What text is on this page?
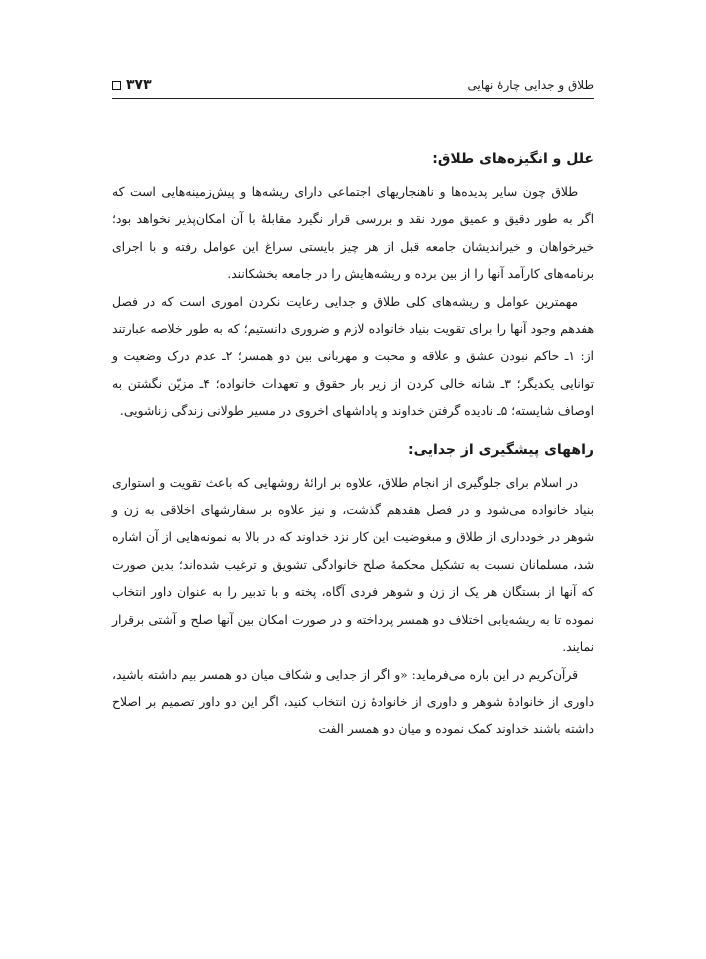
طلاق و جدایی چارهٔ نهایی
۳۷۳
علل و انگیزه‌های طلاق:

طلاق چون سایر پدیده‌ها و ناهنجاریهای اجتماعی دارای ریشه‌ها و پیش‌زمینه‌هایی است که اگر به طور دقیق و عمیق مورد نقد و بررسی قرار نگیرد مقابلهٔ با آن امکان‌پذیر نخواهد بود؛ خیرخواهان و خیراندیشان جامعه قبل از هر چیز بایستی سراغ این عوامل رفته و با اجرای برنامه‌های کارآمد آنها را از بین برده و ریشه‌هایش را در جامعه بخشکانند.

مهمترین عوامل و ریشه‌های کلی طلاق و جدایی رعایت نکردن اموری است که در فصل هفدهم وجود آنها را برای تقویت بنیاد خانواده لازم و ضروری دانستیم؛ که به طور خلاصه عبارتند از: ۱ـ حاکم نبودن عشق و علاقه و محبت و مهربانی بین دو همسر؛ ۲ـ عدم درک وضعیت و توانایی یکدیگر؛ ۳ـ شانه خالی کردن از زیر بار حقوق و تعهدات خانواده؛ ۴ـ مزیّن نگشتن به اوصاف شایسته؛ ۵ـ نادیده گرفتن خداوند و پاداشهای اخروی در مسیر طولانی زندگی زناشویی.

راههای پیشگیری از جدایی:

در اسلام برای جلوگیری از انجام طلاق، علاوه بر ارائهٔ روشهایی که باعث تقویت و استواری بنیاد خانواده می‌شود و در فصل هفدهم گذشت، و نیز علاوه بر سفارشهای اخلاقی به زن و شوهر در خودداری از طلاق و مبغوضیت این کار نزد خداوند که در بالا به نمونه‌هایی از آن اشاره شد، مسلمانان نسبت به تشکیل محکمهٔ صلح خانوادگی تشویق و ترغیب شده‌اند؛ بدین صورت که آنها از بستگان هر یک از زن و شوهر فردی آگاه، پخته و با تدبیر را به عنوان داور انتخاب نموده تا به ریشه‌یابی اختلاف دو همسر پرداخته و در صورت امکان بین آنها صلح و آشتی برقرار نمایند.

قرآن‌کریم در این باره می‌فرماید: «و اگر از جدایی و شکاف میان دو همسر بیم داشته باشید، داوری از خانوادهٔ شوهر و داوری از خانوادهٔ زن انتخاب کنید، اگر این دو داور تصمیم بر اصلاح داشته باشند خداوند کمک نموده و میان دو همسر الفت
